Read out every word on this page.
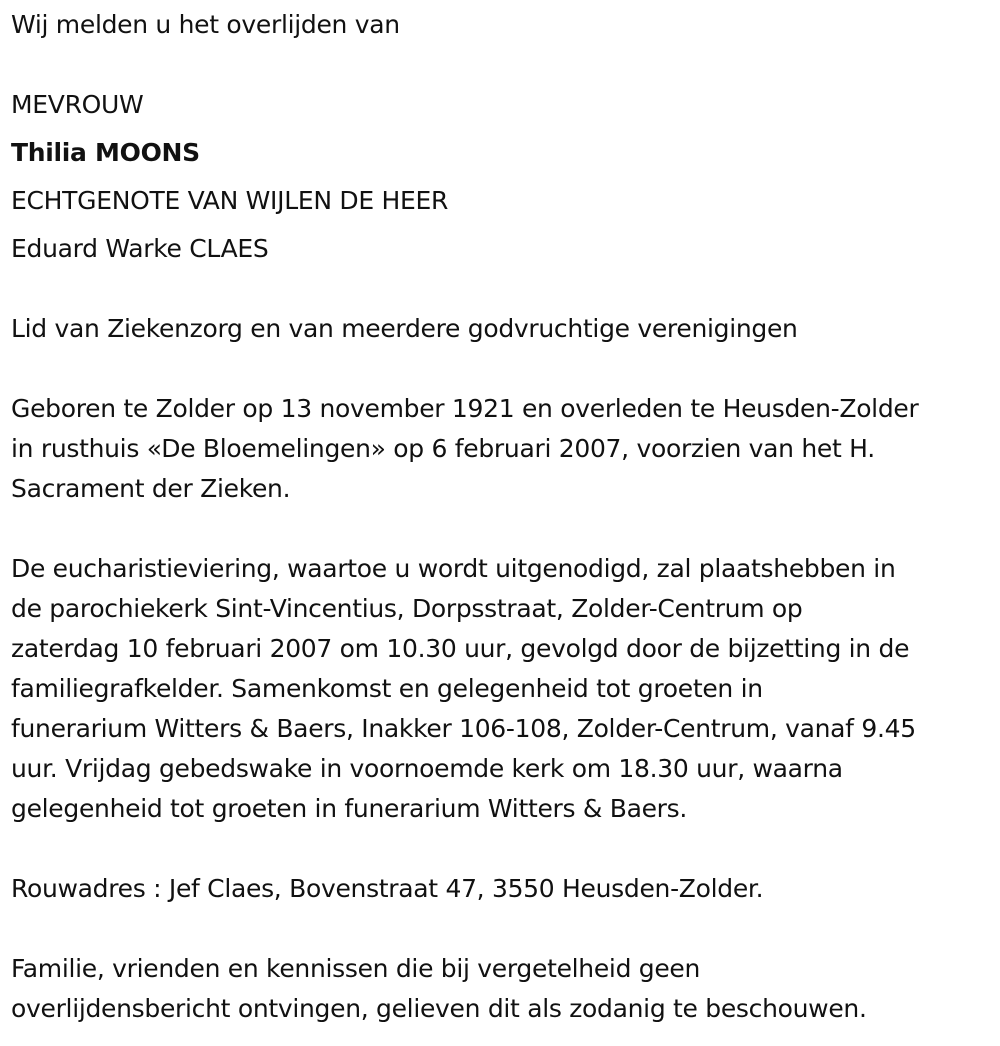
Wij melden u het overlijden van
MEVROUW
Thilia MOONS
ECHTGENOTE VAN WIJLEN DE HEER
Eduard Warke CLAES
Lid van Ziekenzorg en van meerdere godvruchtige verenigingen
Geboren te Zolder op 13 november 1921 en overleden te Heusden-Zolder
in rusthuis «De Bloemelingen» op 6 februari 2007, voorzien van het H.
Sacrament der Zieken.
De eucharistieviering, waartoe u wordt uitgenodigd, zal plaatshebben in
de parochiekerk Sint-Vincentius, Dorpsstraat, Zolder-Centrum op
zaterdag 10 februari 2007 om 10.30 uur, gevolgd door de bijzetting in de
familiegrafkelder. Samenkomst en gelegenheid tot groeten in
funerarium Witters & Baers, Inakker 106-108, Zolder-Centrum, vanaf 9.45
uur. Vrijdag gebedswake in voornoemde kerk om 18.30 uur, waarna
gelegenheid tot groeten in funerarium Witters & Baers.
Rouwadres : Jef Claes, Bovenstraat 47, 3550 Heusden-Zolder.
Familie, vrienden en kennissen die bij vergetelheid geen
overlijdensbericht ontvingen, gelieven dit als zodanig te beschouwen.
